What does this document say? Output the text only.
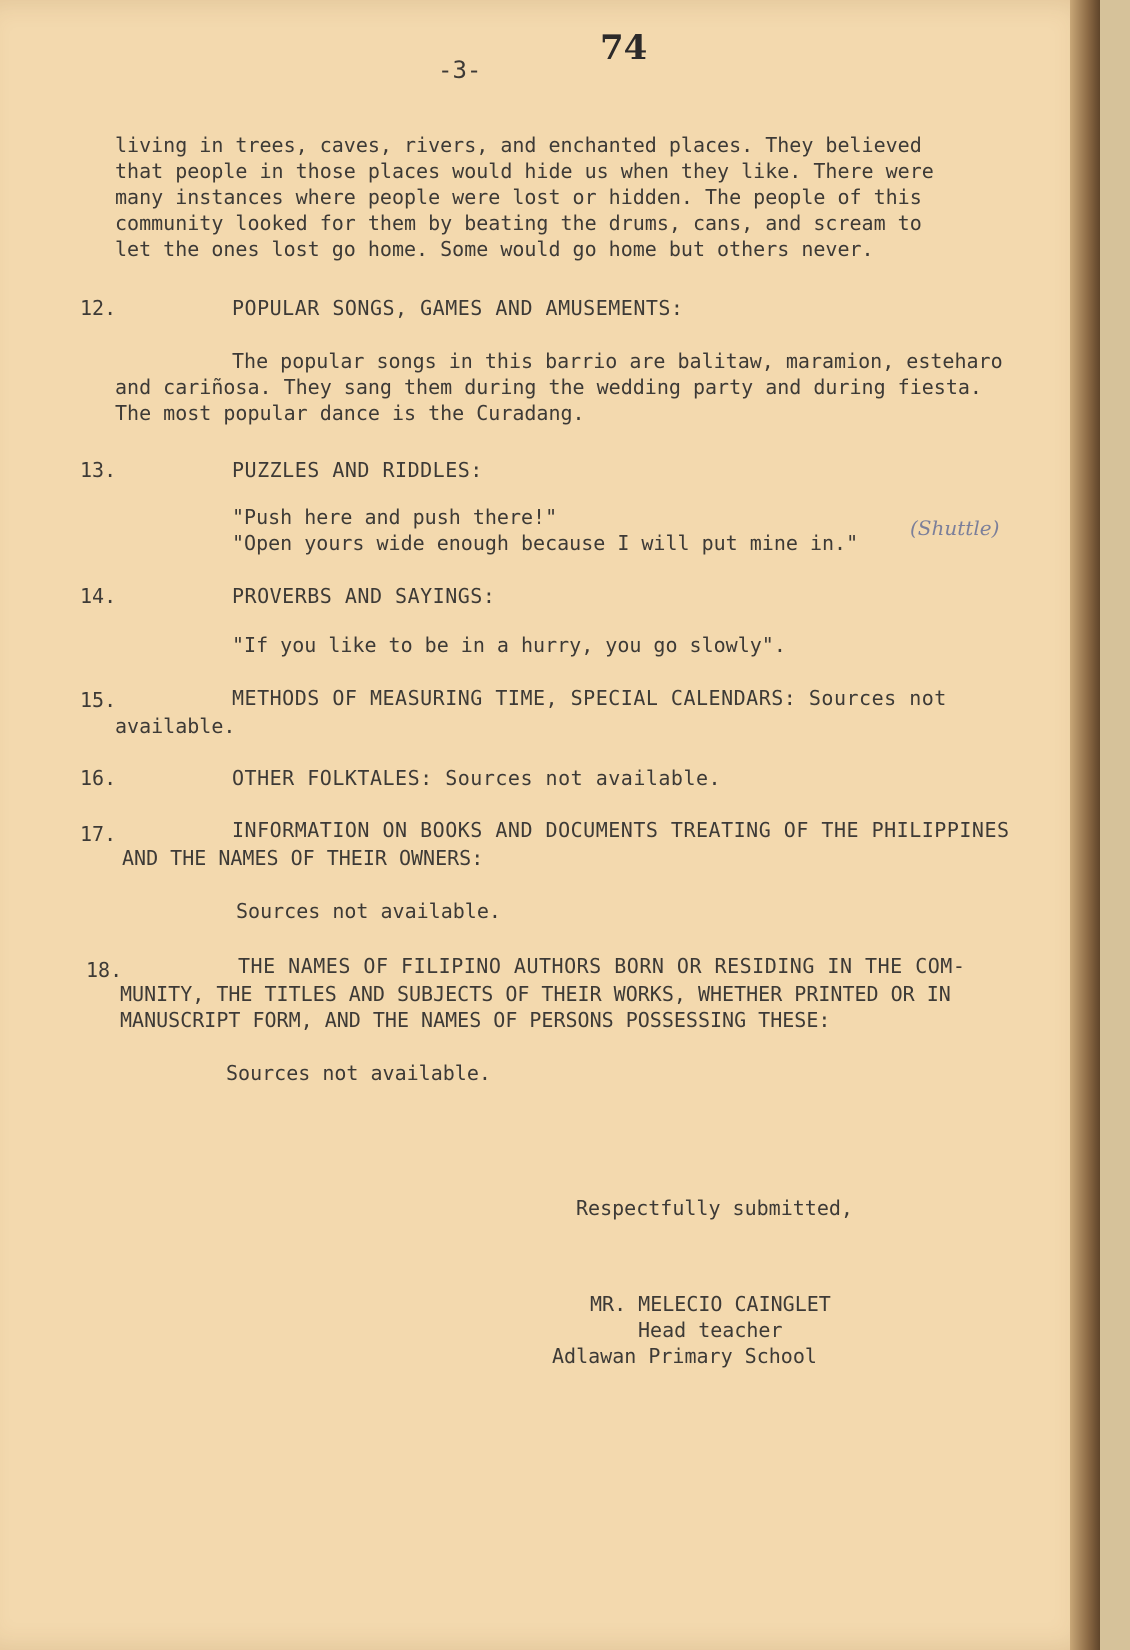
-3-

74

living in trees, caves, rivers, and enchanted places. They believed

that people in those places would hide us when they like. There were

many instances where people were lost or hidden. The people of this

community looked for them by beating the drums, cans, and scream to

let the ones lost go home. Some would go home but others never.

12.	POPULAR SONGS, GAMES AND AMUSEMENTS:

The popular songs in this barrio are balitaw, maramion, esteharo

and cariñosa. They sang them during the wedding party and during fiesta.

The most popular dance is the Curadang.

13.	PUZZLES AND RIDDLES:

"Push here and push there!"

"Open yours wide enough because I will put mine in."

(Shuttle)

14.	PROVERBS AND SAYINGS:

"If you like to be in a hurry, you go slowly".

15.	METHODS OF MEASURING TIME, SPECIAL CALENDARS: Sources not

available.

16.	OTHER FOLKTALES: Sources not available.

17.	INFORMATION ON BOOKS AND DOCUMENTS TREATING OF THE PHILIPPINES

AND THE NAMES OF THEIR OWNERS:

Sources not available.

18.	THE NAMES OF FILIPINO AUTHORS BORN OR RESIDING IN THE COM-

MUNITY, THE TITLES AND SUBJECTS OF THEIR WORKS, WHETHER PRINTED OR IN

MANUSCRIPT FORM, AND THE NAMES OF PERSONS POSSESSING THESE:

Sources not available.

Respectfully submitted,

MR. MELECIO CAINGLET

Head teacher

Adlawan Primary School
